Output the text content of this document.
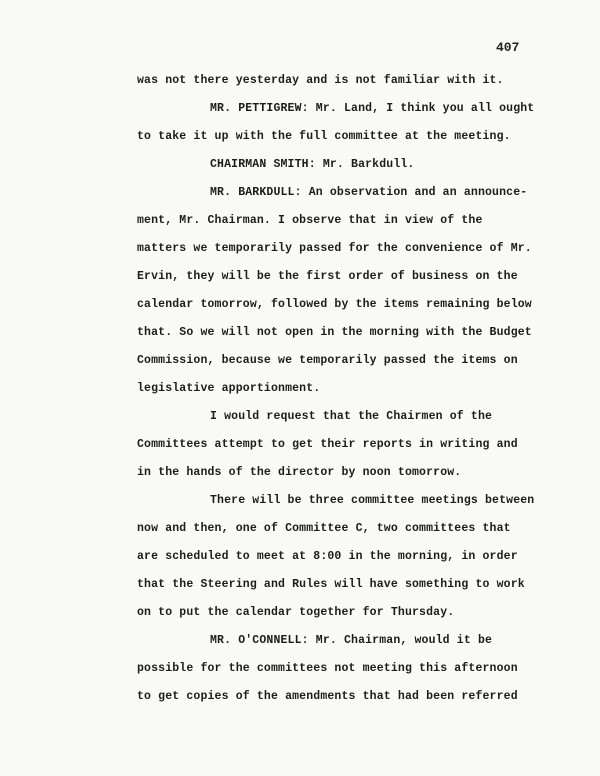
407
was not there yesterday and is not familiar with it.
MR. PETTIGREW: Mr. Land, I think you all ought
to take it up with the full committee at the meeting.
CHAIRMAN SMITH: Mr. Barkdull.
MR. BARKDULL: An observation and an announce-
ment, Mr. Chairman. I observe that in view of the
matters we temporarily passed for the convenience of Mr.
Ervin, they will be the first order of business on the
calendar tomorrow, followed by the items remaining below
that. So we will not open in the morning with the Budget
Commission, because we temporarily passed the items on
legislative apportionment.
I would request that the Chairmen of the
Committees attempt to get their reports in writing and
in the hands of the director by noon tomorrow.
There will be three committee meetings between
now and then, one of Committee C, two committees that
are scheduled to meet at 8:00 in the morning, in order
that the Steering and Rules will have something to work
on to put the calendar together for Thursday.
MR. O'CONNELL: Mr. Chairman, would it be
possible for the committees not meeting this afternoon
to get copies of the amendments that had been referred
